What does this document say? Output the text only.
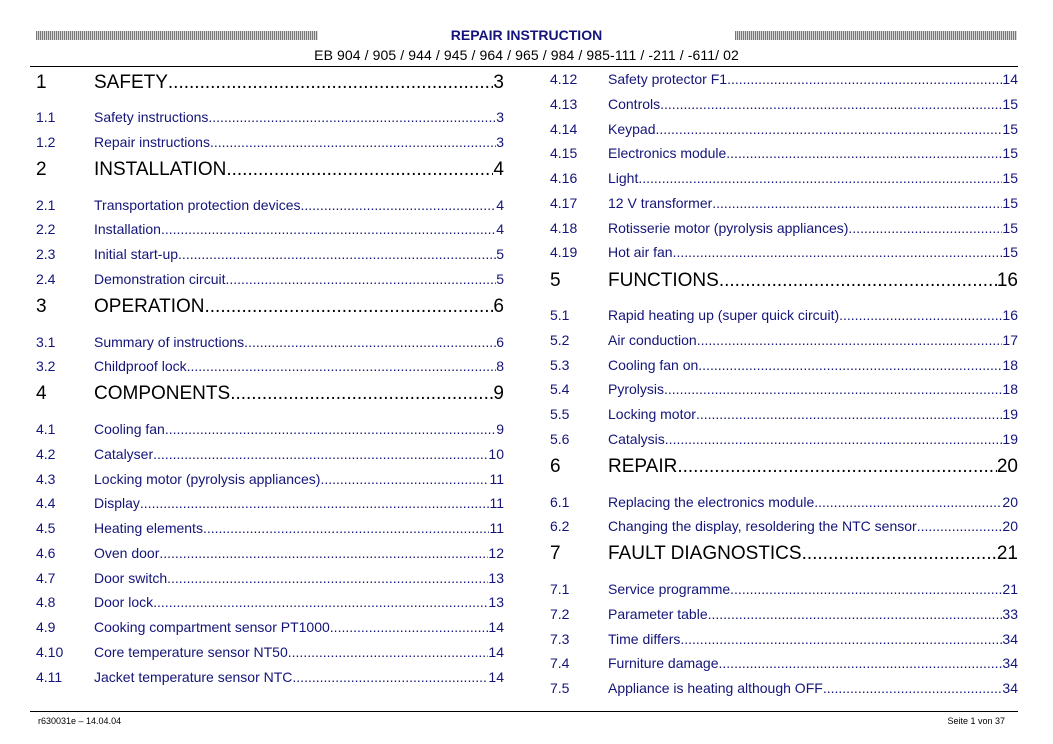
REPAIR INSTRUCTION
EB 904 / 905 / 944 / 945 / 964 / 965 / 984 / 985-111 / -211 / -611/ 02
1	SAFETY .....	3
1.1	Safety instructions .....	3
1.2	Repair instructions .....	3
2	INSTALLATION .....	4
2.1	Transportation protection devices .....	4
2.2	Installation .....	4
2.3	Initial start-up .....	5
2.4	Demonstration circuit .....	5
3	OPERATION .....	6
3.1	Summary of instructions .....	6
3.2	Childproof lock .....	8
4	COMPONENTS .....	9
4.1	Cooling fan .....	9
4.2	Catalyser .....	10
4.3	Locking motor (pyrolysis appliances) .....	11
4.4	Display .....	11
4.5	Heating elements .....	11
4.6	Oven door .....	12
4.7	Door switch .....	13
4.8	Door lock .....	13
4.9	Cooking compartment sensor PT1000 .....	14
4.10	Core temperature sensor NT50 .....	14
4.11	Jacket temperature sensor NTC .....	14
4.12	Safety protector F1 .....	14
4.13	Controls .....	15
4.14	Keypad .....	15
4.15	Electronics module .....	15
4.16	Light .....	15
4.17	12 V transformer .....	15
4.18	Rotisserie motor (pyrolysis appliances) .....	15
4.19	Hot air fan .....	15
5	FUNCTIONS .....	16
5.1	Rapid heating up (super quick circuit) .....	16
5.2	Air conduction .....	17
5.3	Cooling fan on .....	18
5.4	Pyrolysis .....	18
5.5	Locking motor .....	19
5.6	Catalysis .....	19
6	REPAIR .....	20
6.1	Replacing the electronics module .....	20
6.2	Changing the display, resoldering the NTC sensor .....	20
7	FAULT DIAGNOSTICS .....	21
7.1	Service programme .....	21
7.2	Parameter table .....	33
7.3	Time differs .....	34
7.4	Furniture damage .....	34
7.5	Appliance is heating although OFF .....	34
r630031e – 14.04.04	Seite 1 von 37
